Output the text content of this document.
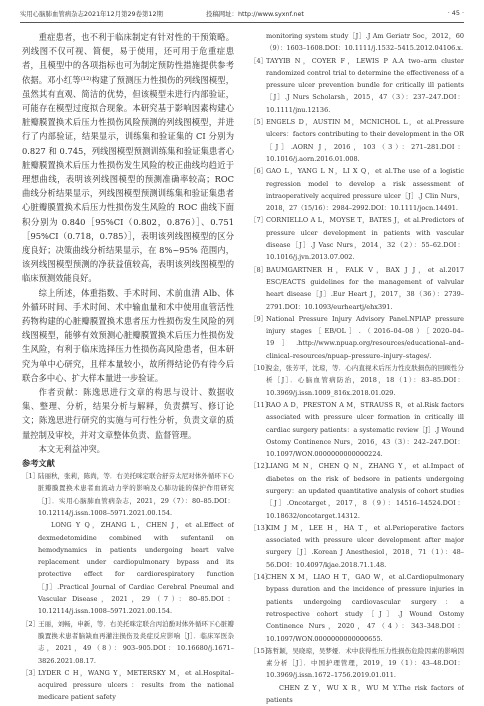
实用心脑肺血管病杂志2021年12月第29卷第12期	投稿网址：http://www.syxnf.net	· 45 ·

重症患者，也不利于临床制定有针对性的干预策略。列线图不仅可视、简便，易于使用，还可用于危重症患者，且模型中的各项指标也可为制定预防性措施提供参考依据。邓小红等⁽¹²⁾构建了预测压力性损伤的列线图模型，虽然其有直观、简洁的优势，但该模型未进行内部验证，可能存在模型过度拟合现象。本研究基于影响因素构建心脏瓣膜置换术后压力性损伤风险预测的列线图模型，并进行了内部验证，结果显示，训练集和验证集的 CI 分别为 0.827 和 0.745，列线图模型预测训练集和验证集患者心脏瓣膜置换术后压力性损伤发生风险的校正曲线均趋近于理想曲线，表明该列线图模型的预测准确率较高；ROC 曲线分析结果显示，列线图模型预测训练集和验证集患者心脏瓣膜置换术后压力性损伤发生风险的 ROC 曲线下面积分别为 0.840［95%CI（0.802，0.876）］、0.751［95%CI（0.718，0.785）］，表明该列线图模型的区分度良好；决策曲线分析结果显示，在 8%~95% 范围内，该列线图模型预测的净获益值较高，表明该列线图模型的临床预测效能良好。

综上所述，体重指数、手术时间、术前血清 Alb、体外循环时间、手术时间、术中输血量和术中使用血管活性药物构建的心脏瓣膜置换术患者压力性损伤发生风险的列线图模型，能够有效预测心脏瓣膜置换术后压力性损伤发生风险，有利于临床选择压力性损伤高风险患者，但本研究为单中心研究，且样本量较小，故所得结论仍有待今后联合多中心、扩大样本量进一步验证。

作者贡献：陈逸思进行文章的构思与设计、数据收集、整理、分析，结果分析与解释，负责撰写、修订论文；陈逸思进行研究的实施与可行性分析，负责文章的质量控制及审校，并对文章整体负责、监督管理。

本文无利益冲突。

参考文献

［1］
陆丽秋，张莉，陈尚，等．右美托咪定联合舒芬太尼对体外循环下心脏瓣膜置换术患者血流动力学的影响及心肺功能的保护作用研究［J］．实用心脑肺血管病杂志，2021，29（7）：80–85.DOI：10.12114/j.issn.1008–5971.2021.00.154.
LONG Y Q，ZHANG L，CHEN J，et al.Effect of dexmedetomidine combined with sufentanil on hemodynamics in patients undergoing heart valve replacement under cardiopulmonary bypass and its protective effect for cardiorespiratory function［J］.Practical Journal of Cardiac Cerebral Pneumal and Vascular Disease，2021，29（7）：80–85.DOI：10.12114/j.issn.1008–5971.2021.00.154.
［2］
王丽，刘畅，申新，等．右美托咪定联合丙泊酚对体外循环下心脏瓣膜置换术患者脑缺血再灌注损伤及炎症反应影响［J］．临床军医杂志，2021，49（8）：903–905.DOI：10.16680/j.1671–3826.2021.08.17.
［3］
LYDER C H，WANG Y，METERSKY M，et al.Hospital–acquired pressure ulcers：results from the national medicare patient safety
monitoring system study［J］.J Am Geriatr Soc，2012，60（9）：1603–1608.DOI：10.1111/j.1532–5415.2012.04106.x.
［4］
TAYYIB N，COYER F，LEWIS P A.A two–arm cluster randomized control trial to determine the effectiveness of a pressure ulcer prevention bundle for critically ill patients［J］.J Nurs Scholarsh，2015，47（3）：237–247.DOI：10.1111/jnu.12136.
［5］
ENGELS D，AUSTIN M，MCNICHOL L，et al.Pressure ulcers：factors contributing to their development in the OR［J］.AORN J，2016，103（3）：271–281.DOI：10.1016/j.aorn.2016.01.008.
［6］
GAO L，YANG L N，LI X Q，et al.The use of a logistic regression model to develop a risk assessment of intraoperatively acquired pressure ulcer［J］.J Clin Nurs，2018，27（15/16）：2984–2992.DOI：10.1111/jocn.14491.
［7］
CORNIELLO A L，MOYSE T，BATES J，et al.Predictors of pressure ulcer development in patients with vascular disease［J］.J Vasc Nurs，2014，32（2）：55–62.DOI：10.1016/j.jvn.2013.07.002.
［8］
BAUMGARTNER H，FALK V，BAX J J，et al.2017 ESC/EACTS guidelines for the management of valvular heart disease［J］.Eur Heart J，2017，38（36）：2739–2791.DOI：10.1093/eurheartj/ehx391.
［9］
National Pressure Injury Advisory Panel.NPIAP pressure injury stages［EB/OL］.（2016–04–08）［2020–04–19］.http://www.npuap.org/resources/educational–and–clinical–resources/npuap–pressure–injury–stages/.
［10］
倪金，张芳平，沈琼，等．心内直视术后压力性皮肤损伤的回顾性分析［J］．心脑血管病防治，2018，18（1）：83–85.DOI：10.3969/j.issn.1009_816x.2018.01.029.
［11］
RAO A D，PRESTON A M，STRAUSS R，et al.Risk factors associated with pressure ulcer formation in critically ill cardiac surgery patients：a systematic review［J］.J Wound Ostomy Continence Nurs，2016，43（3）：242–247.DOI：10.1097/WON.0000000000000224.
［12］
LIANG M N，CHEN Q N，ZHANG Y，et al.Impact of diabetes on the risk of bedsore in patients undergoing surgery：an updated quantitative analysis of cohort studies［J］.Oncotarget，2017，8（9）：14516–14524.DOI：10.18632/oncotarget.14312.
［13］
KIM J M，LEE H，HA T，et al.Perioperative factors associated with pressure ulcer development after major surgery［J］.Korean J Anesthesiol，2018，71（1）：48–56.DOI：10.4097/kjae.2018.71.1.48.
［14］
CHEN X M，LIAO H T，GAO W，et al.Cardiopulmonary bypass duration and the incidence of pressure injuries in patients undergoing cardiovascular surgery：a retrospective cohort study［J］.J Wound Ostomy Continence Nurs，2020，47（4）：343–348.DOI：10.1097/WON.0000000000000655.
［15］
陈哲颖，吴晓琼，吴梦娅．术中获得性压力性损伤危险因素的影响因素分析［J］．中国护理管理，2019，19（1）：43–48.DOI：10.3969/j.issn.1672–1756.2019.01.011.
CHEN Z Y，WU X R，WU M Y.The risk factors of patients
